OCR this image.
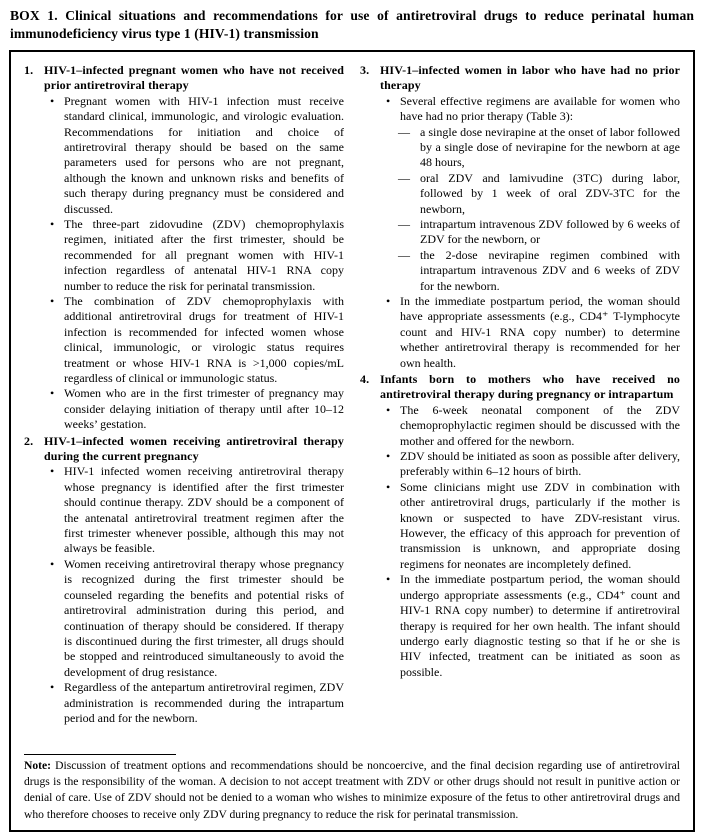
BOX 1. Clinical situations and recommendations for use of antiretroviral drugs to reduce perinatal human immunodeficiency virus type 1 (HIV-1) transmission
1. HIV-1–infected pregnant women who have not received prior antiretroviral therapy
• Pregnant women with HIV-1 infection must receive standard clinical, immunologic, and virologic evaluation. Recommendations for initiation and choice of antiretroviral therapy should be based on the same parameters used for persons who are not pregnant, although the known and unknown risks and benefits of such therapy during pregnancy must be considered and discussed.
• The three-part zidovudine (ZDV) chemoprophylaxis regimen, initiated after the first trimester, should be recommended for all pregnant women with HIV-1 infection regardless of antenatal HIV-1 RNA copy number to reduce the risk for perinatal transmission.
• The combination of ZDV chemoprophylaxis with additional antiretroviral drugs for treatment of HIV-1 infection is recommended for infected women whose clinical, immunologic, or virologic status requires treatment or whose HIV-1 RNA is >1,000 copies/mL regardless of clinical or immunologic status.
• Women who are in the first trimester of pregnancy may consider delaying initiation of therapy until after 10–12 weeks’ gestation.
2. HIV-1–infected women receiving antiretroviral therapy during the current pregnancy
• HIV-1 infected women receiving antiretroviral therapy whose pregnancy is identified after the first trimester should continue therapy. ZDV should be a component of the antenatal antiretroviral treatment regimen after the first trimester whenever possible, although this may not always be feasible.
• Women receiving antiretroviral therapy whose pregnancy is recognized during the first trimester should be counseled regarding the benefits and potential risks of antiretroviral administration during this period, and continuation of therapy should be considered. If therapy is discontinued during the first trimester, all drugs should be stopped and reintroduced simultaneously to avoid the development of drug resistance.
• Regardless of the antepartum antiretroviral regimen, ZDV administration is recommended during the intrapartum period and for the newborn.
3. HIV-1–infected women in labor who have had no prior therapy
• Several effective regimens are available for women who have had no prior therapy (Table 3):
— a single dose nevirapine at the onset of labor followed by a single dose of nevirapine for the newborn at age 48 hours,
— oral ZDV and lamivudine (3TC) during labor, followed by 1 week of oral ZDV-3TC for the newborn,
— intrapartum intravenous ZDV followed by 6 weeks of ZDV for the newborn, or
— the 2-dose nevirapine regimen combined with intrapartum intravenous ZDV and 6 weeks of ZDV for the newborn.
• In the immediate postpartum period, the woman should have appropriate assessments (e.g., CD4⁺ T-lymphocyte count and HIV-1 RNA copy number) to determine whether antiretroviral therapy is recommended for her own health.
4. Infants born to mothers who have received no antiretroviral therapy during pregnancy or intrapartum
• The 6-week neonatal component of the ZDV chemoprophylactic regimen should be discussed with the mother and offered for the newborn.
• ZDV should be initiated as soon as possible after delivery, preferably within 6–12 hours of birth.
• Some clinicians might use ZDV in combination with other antiretroviral drugs, particularly if the mother is known or suspected to have ZDV-resistant virus. However, the efficacy of this approach for prevention of transmission is unknown, and appropriate dosing regimens for neonates are incompletely defined.
• In the immediate postpartum period, the woman should undergo appropriate assessments (e.g., CD4⁺ count and HIV-1 RNA copy number) to determine if antiretroviral therapy is required for her own health. The infant should undergo early diagnostic testing so that if he or she is HIV infected, treatment can be initiated as soon as possible.

Note: Discussion of treatment options and recommendations should be noncoercive, and the final decision regarding use of antiretroviral drugs is the responsibility of the woman. A decision to not accept treatment with ZDV or other drugs should not result in punitive action or denial of care. Use of ZDV should not be denied to a woman who wishes to minimize exposure of the fetus to other antiretroviral drugs and who therefore chooses to receive only ZDV during pregnancy to reduce the risk for perinatal transmission.
